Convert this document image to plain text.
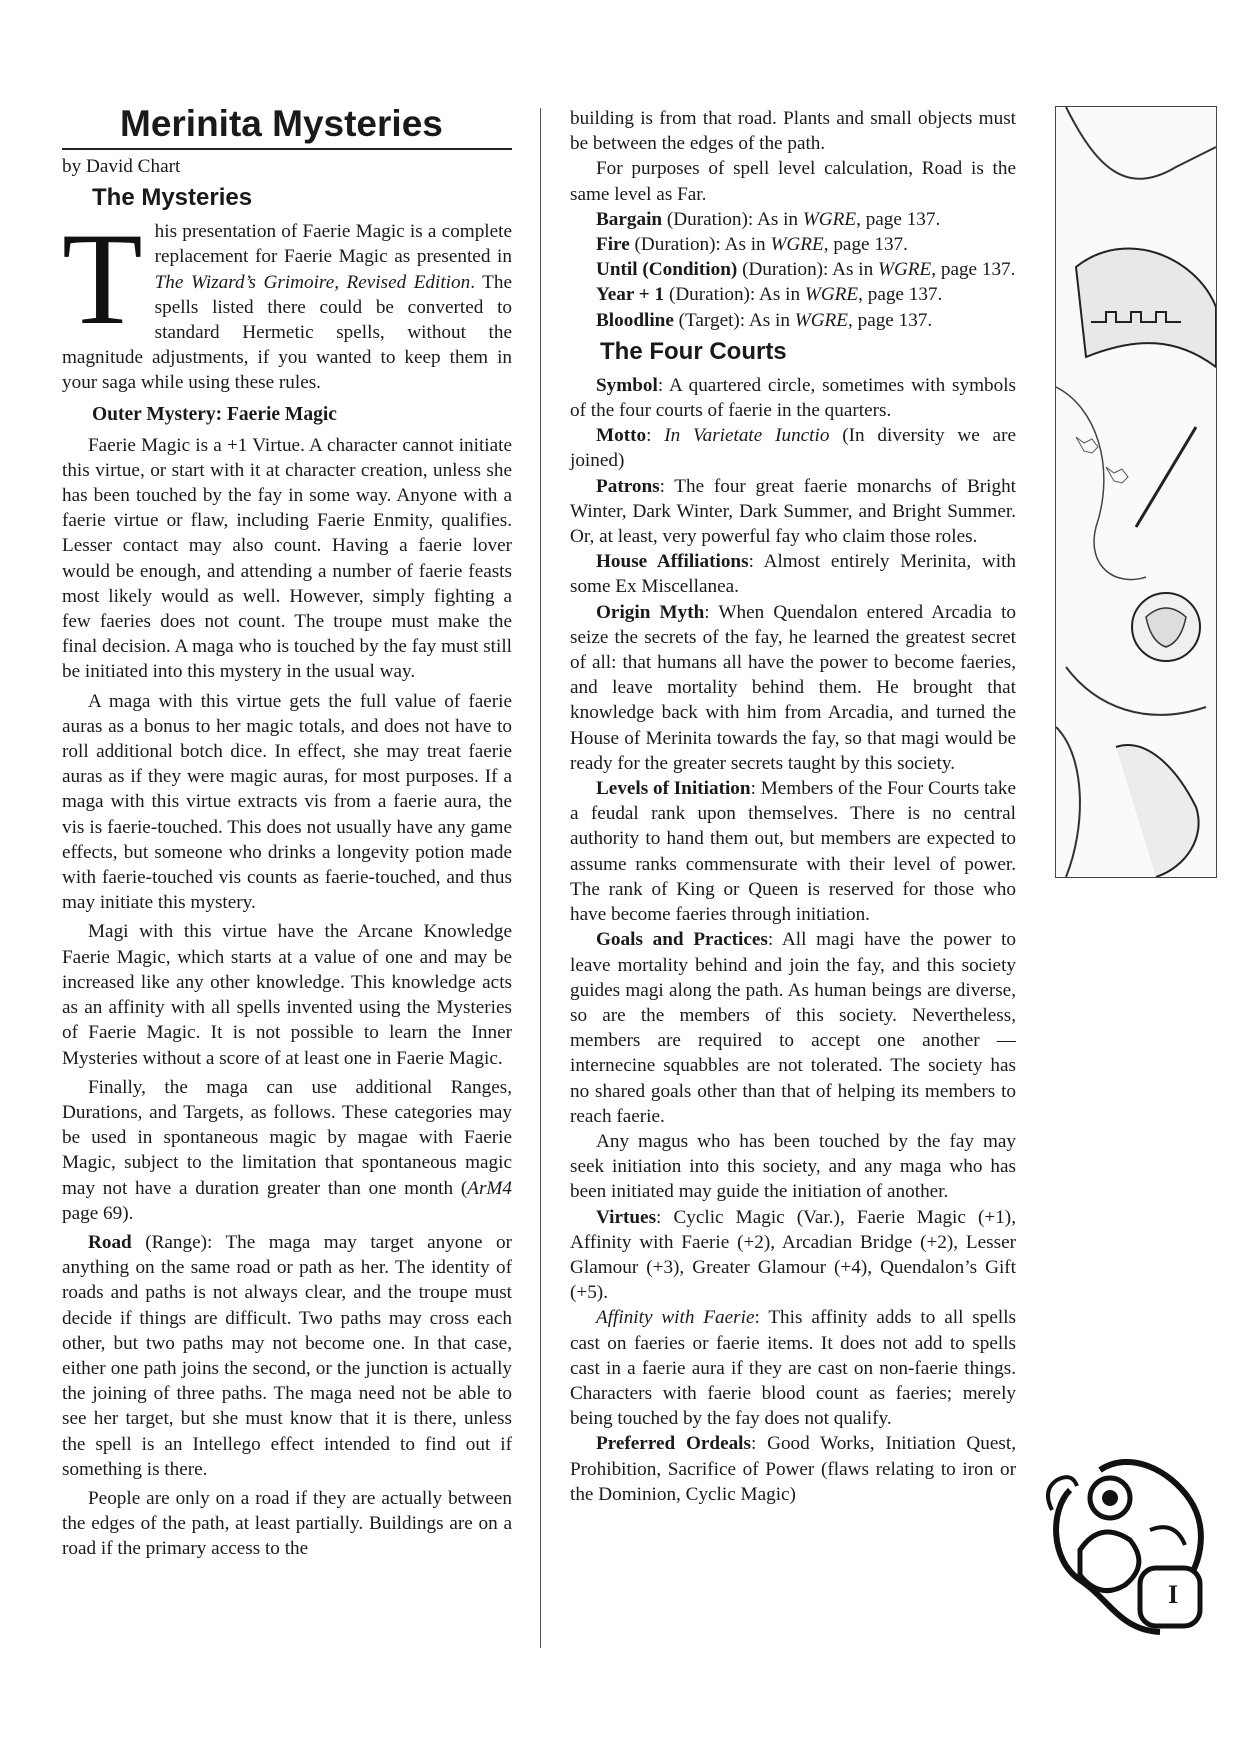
Merinita Mysteries

by David Chart

The Mysteries
T his presentation of Faerie Magic is a complete replacement for Faerie Magic as presented in The Wizard’s Grimoire, Revised Edition. The spells listed there could be converted to standard Hermetic spells, without the magnitude adjustments, if you wanted to keep them in your saga while using these rules.

Outer Mystery: Faerie Magic

Faerie Magic is a +1 Virtue. A character cannot initiate this virtue, or start with it at character creation, unless she has been touched by the fay in some way. Anyone with a faerie virtue or flaw, including Faerie Enmity, qualifies. Lesser contact may also count. Having a faerie lover would be enough, and attending a number of faerie feasts most likely would as well. However, simply fighting a few faeries does not count. The troupe must make the final decision. A maga who is touched by the fay must still be initiated into this mystery in the usual way.

A maga with this virtue gets the full value of faerie auras as a bonus to her magic totals, and does not have to roll additional botch dice. In effect, she may treat faerie auras as if they were magic auras, for most purposes. If a maga with this virtue extracts vis from a faerie aura, the vis is faerie-touched. This does not usually have any game effects, but someone who drinks a longevity potion made with faerie-touched vis counts as faerie-touched, and thus may initiate this mystery.

Magi with this virtue have the Arcane Knowledge Faerie Magic, which starts at a value of one and may be increased like any other knowledge. This knowledge acts as an affinity with all spells invented using the Mysteries of Faerie Magic. It is not possible to learn the Inner Mysteries without a score of at least one in Faerie Magic.

Finally, the maga can use additional Ranges, Durations, and Targets, as follows. These categories may be used in spontaneous magic by magae with Faerie Magic, subject to the limitation that spontaneous magic may not have a duration greater than one month (ArM4 page 69).

Road (Range): The maga may target anyone or anything on the same road or path as her. The identity of roads and paths is not always clear, and the troupe must decide if things are difficult. Two paths may cross each other, but two paths may not become one. In that case, either one path joins the second, or the junction is actually the joining of three paths. The maga need not be able to see her target, but she must know that it is there, unless the spell is an Intellego effect intended to find out if something is there.

People are only on a road if they are actually between the edges of the path, at least partially. Buildings are on a road if the primary access to the

building is from that road. Plants and small objects must be between the edges of the path.

For purposes of spell level calculation, Road is the same level as Far.

Bargain (Duration): As in WGRE, page 137.

Fire (Duration): As in WGRE, page 137.

Until (Condition) (Duration): As in WGRE, page 137.

Year + 1 (Duration): As in WGRE, page 137.

Bloodline (Target): As in WGRE, page 137.

The Four Courts

Symbol: A quartered circle, sometimes with symbols of the four courts of faerie in the quarters.

Motto: In Varietate Iunctio (In diversity we are joined)

Patrons: The four great faerie monarchs of Bright Winter, Dark Winter, Dark Summer, and Bright Summer. Or, at least, very powerful fay who claim those roles.

House Affiliations: Almost entirely Merinita, with some Ex Miscellanea.

Origin Myth: When Quendalon entered Arcadia to seize the secrets of the fay, he learned the greatest secret of all: that humans all have the power to become faeries, and leave mortality behind them. He brought that knowledge back with him from Arcadia, and turned the House of Merinita towards the fay, so that magi would be ready for the greater secrets taught by this society.

Levels of Initiation: Members of the Four Courts take a feudal rank upon themselves. There is no central authority to hand them out, but members are expected to assume ranks commensurate with their level of power. The rank of King or Queen is reserved for those who have become faeries through initiation.

Goals and Practices: All magi have the power to leave mortality behind and join the fay, and this society guides magi along the path. As human beings are diverse, so are the members of this society. Nevertheless, members are required to accept one another — internecine squabbles are not tolerated. The society has no shared goals other than that of helping its members to reach faerie.

Any magus who has been touched by the fay may seek initiation into this society, and any maga who has been initiated may guide the initiation of another.

Virtues: Cyclic Magic (Var.), Faerie Magic (+1), Affinity with Faerie (+2), Arcadian Bridge (+2), Lesser Glamour (+3), Greater Glamour (+4), Quendalon’s Gift (+5).

Affinity with Faerie: This affinity adds to all spells cast on faeries or faerie items. It does not add to spells cast in a faerie aura if they are cast on non-faerie things. Characters with faerie blood count as faeries; merely being touched by the fay does not qualify.

Preferred Ordeals: Good Works, Initiation Quest, Prohibition, Sacrifice of Power (flaws relating to iron or the Dominion, Cyclic Magic)

I
